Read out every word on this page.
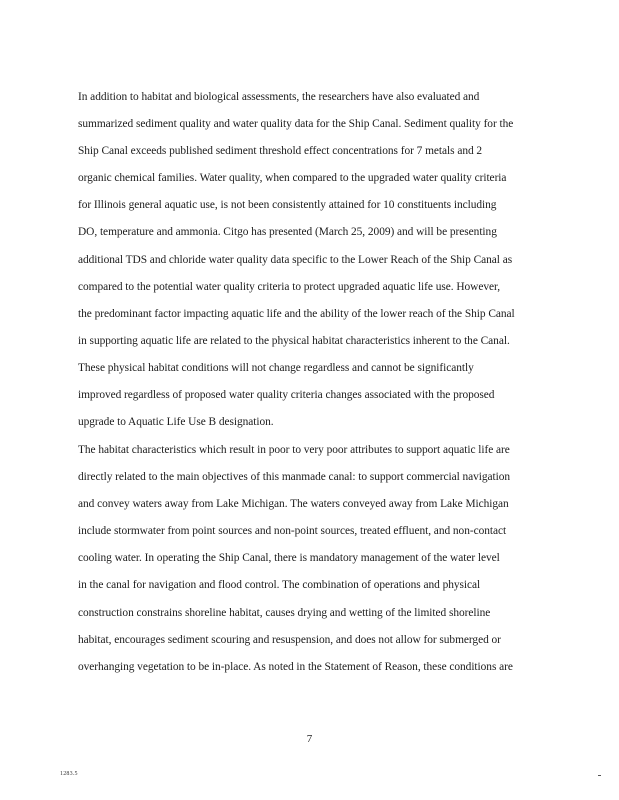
In addition to habitat and biological assessments, the researchers have also evaluated and
summarized sediment quality and water quality data for the Ship Canal. Sediment quality for the
Ship Canal exceeds published sediment threshold effect concentrations for 7 metals and 2
organic chemical families. Water quality, when compared to the upgraded water quality criteria
for Illinois general aquatic use, is not been consistently attained for 10 constituents including
DO, temperature and ammonia. Citgo has presented (March 25, 2009) and will be presenting
additional TDS and chloride water quality data specific to the Lower Reach of the Ship Canal as
compared to the potential water quality criteria to protect upgraded aquatic life use. However,
the predominant factor impacting aquatic life and the ability of the lower reach of the Ship Canal
in supporting aquatic life are related to the physical habitat characteristics inherent to the Canal.
These physical habitat conditions will not change regardless and cannot be significantly
improved regardless of proposed water quality criteria changes associated with the proposed
upgrade to Aquatic Life Use B designation.
The habitat characteristics which result in poor to very poor attributes to support aquatic life are
directly related to the main objectives of this manmade canal: to support commercial navigation
and convey waters away from Lake Michigan. The waters conveyed away from Lake Michigan
include stormwater from point sources and non-point sources, treated effluent, and non-contact
cooling water. In operating the Ship Canal, there is mandatory management of the water level
in the canal for navigation and flood control. The combination of operations and physical
construction constrains shoreline habitat, causes drying and wetting of the limited shoreline
habitat, encourages sediment scouring and resuspension, and does not allow for submerged or
overhanging vegetation to be in-place. As noted in the Statement of Reason, these conditions are
7
1283.5
